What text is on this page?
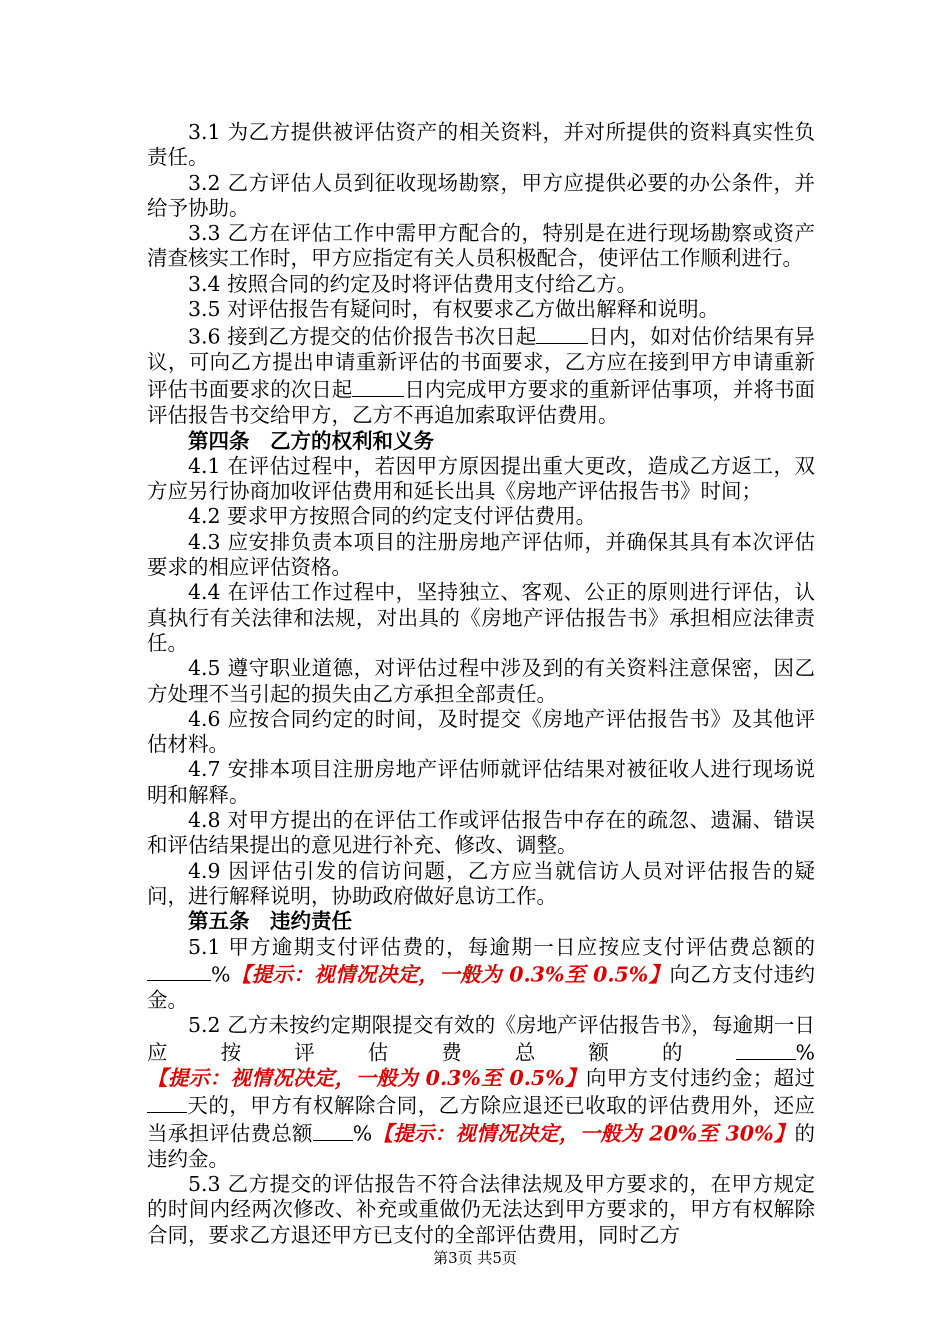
3.1 为乙方提供被评估资产的相关资料，并对所提供的资料真实性负责任。

3.2 乙方评估人员到征收现场勘察，甲方应提供必要的办公条件，并给予协助。

3.3 乙方在评估工作中需甲方配合的，特别是在进行现场勘察或资产清查核实工作时，甲方应指定有关人员积极配合，使评估工作顺利进行。

3.4 按照合同的约定及时将评估费用支付给乙方。

3.5 对评估报告有疑问时，有权要求乙方做出解释和说明。

3.6 接到乙方提交的估价报告书次日起	日内，如对估价结果有异议，可向乙方提出申请重新评估的书面要求，乙方应在接到甲方申请重新评估书面要求的次日起	日内完成甲方要求的重新评估事项，并将书面评估报告书交给甲方，乙方不再追加索取评估费用。

第四条　乙方的权利和义务

4.1 在评估过程中，若因甲方原因提出重大更改，造成乙方返工，双方应另行协商加收评估费用和延长出具《房地产评估报告书》时间；

4.2 要求甲方按照合同的约定支付评估费用。

4.3 应安排负责本项目的注册房地产评估师，并确保其具有本次评估要求的相应评估资格。

4.4 在评估工作过程中，坚持独立、客观、公正的原则进行评估，认真执行有关法律和法规，对出具的《房地产评估报告书》承担相应法律责任。

4.5 遵守职业道德，对评估过程中涉及到的有关资料注意保密，因乙方处理不当引起的损失由乙方承担全部责任。

4.6 应按合同约定的时间，及时提交《房地产评估报告书》及其他评估材料。

4.7 安排本项目注册房地产评估师就评估结果对被征收人进行现场说明和解释。

4.8 对甲方提出的在评估工作或评估报告中存在的疏忽、遗漏、错误和评估结果提出的意见进行补充、修改、调整。

4.9 因评估引发的信访问题，乙方应当就信访人员对评估报告的疑问，进行解释说明，协助政府做好息访工作。

第五条　违约责任

5.1 甲方逾期支付评估费的，每逾期一日应按应支付评估费总额的%【提示：视情况决定，一般为 0.3%至 0.5%】向乙方支付违约金。

5.2 乙方未按约定期限提交有效的《房地产评估报告书》，每逾期一日应按评估费总额的	%【提示：视情况决定，一般为 0.3%至 0.5%】向甲方支付违约金；超过天的，甲方有权解除合同，乙方除应退还已收取的评估费用外，还应当承担评估费总额 %【提示：视情况决定，一般为 20%至 30%】的违约金。

5.3 乙方提交的评估报告不符合法律法规及甲方要求的，在甲方规定的时间内经两次修改、补充或重做仍无法达到甲方要求的，甲方有权解除合同，要求乙方退还甲方已支付的全部评估费用，同时乙方

第3页 共5页
